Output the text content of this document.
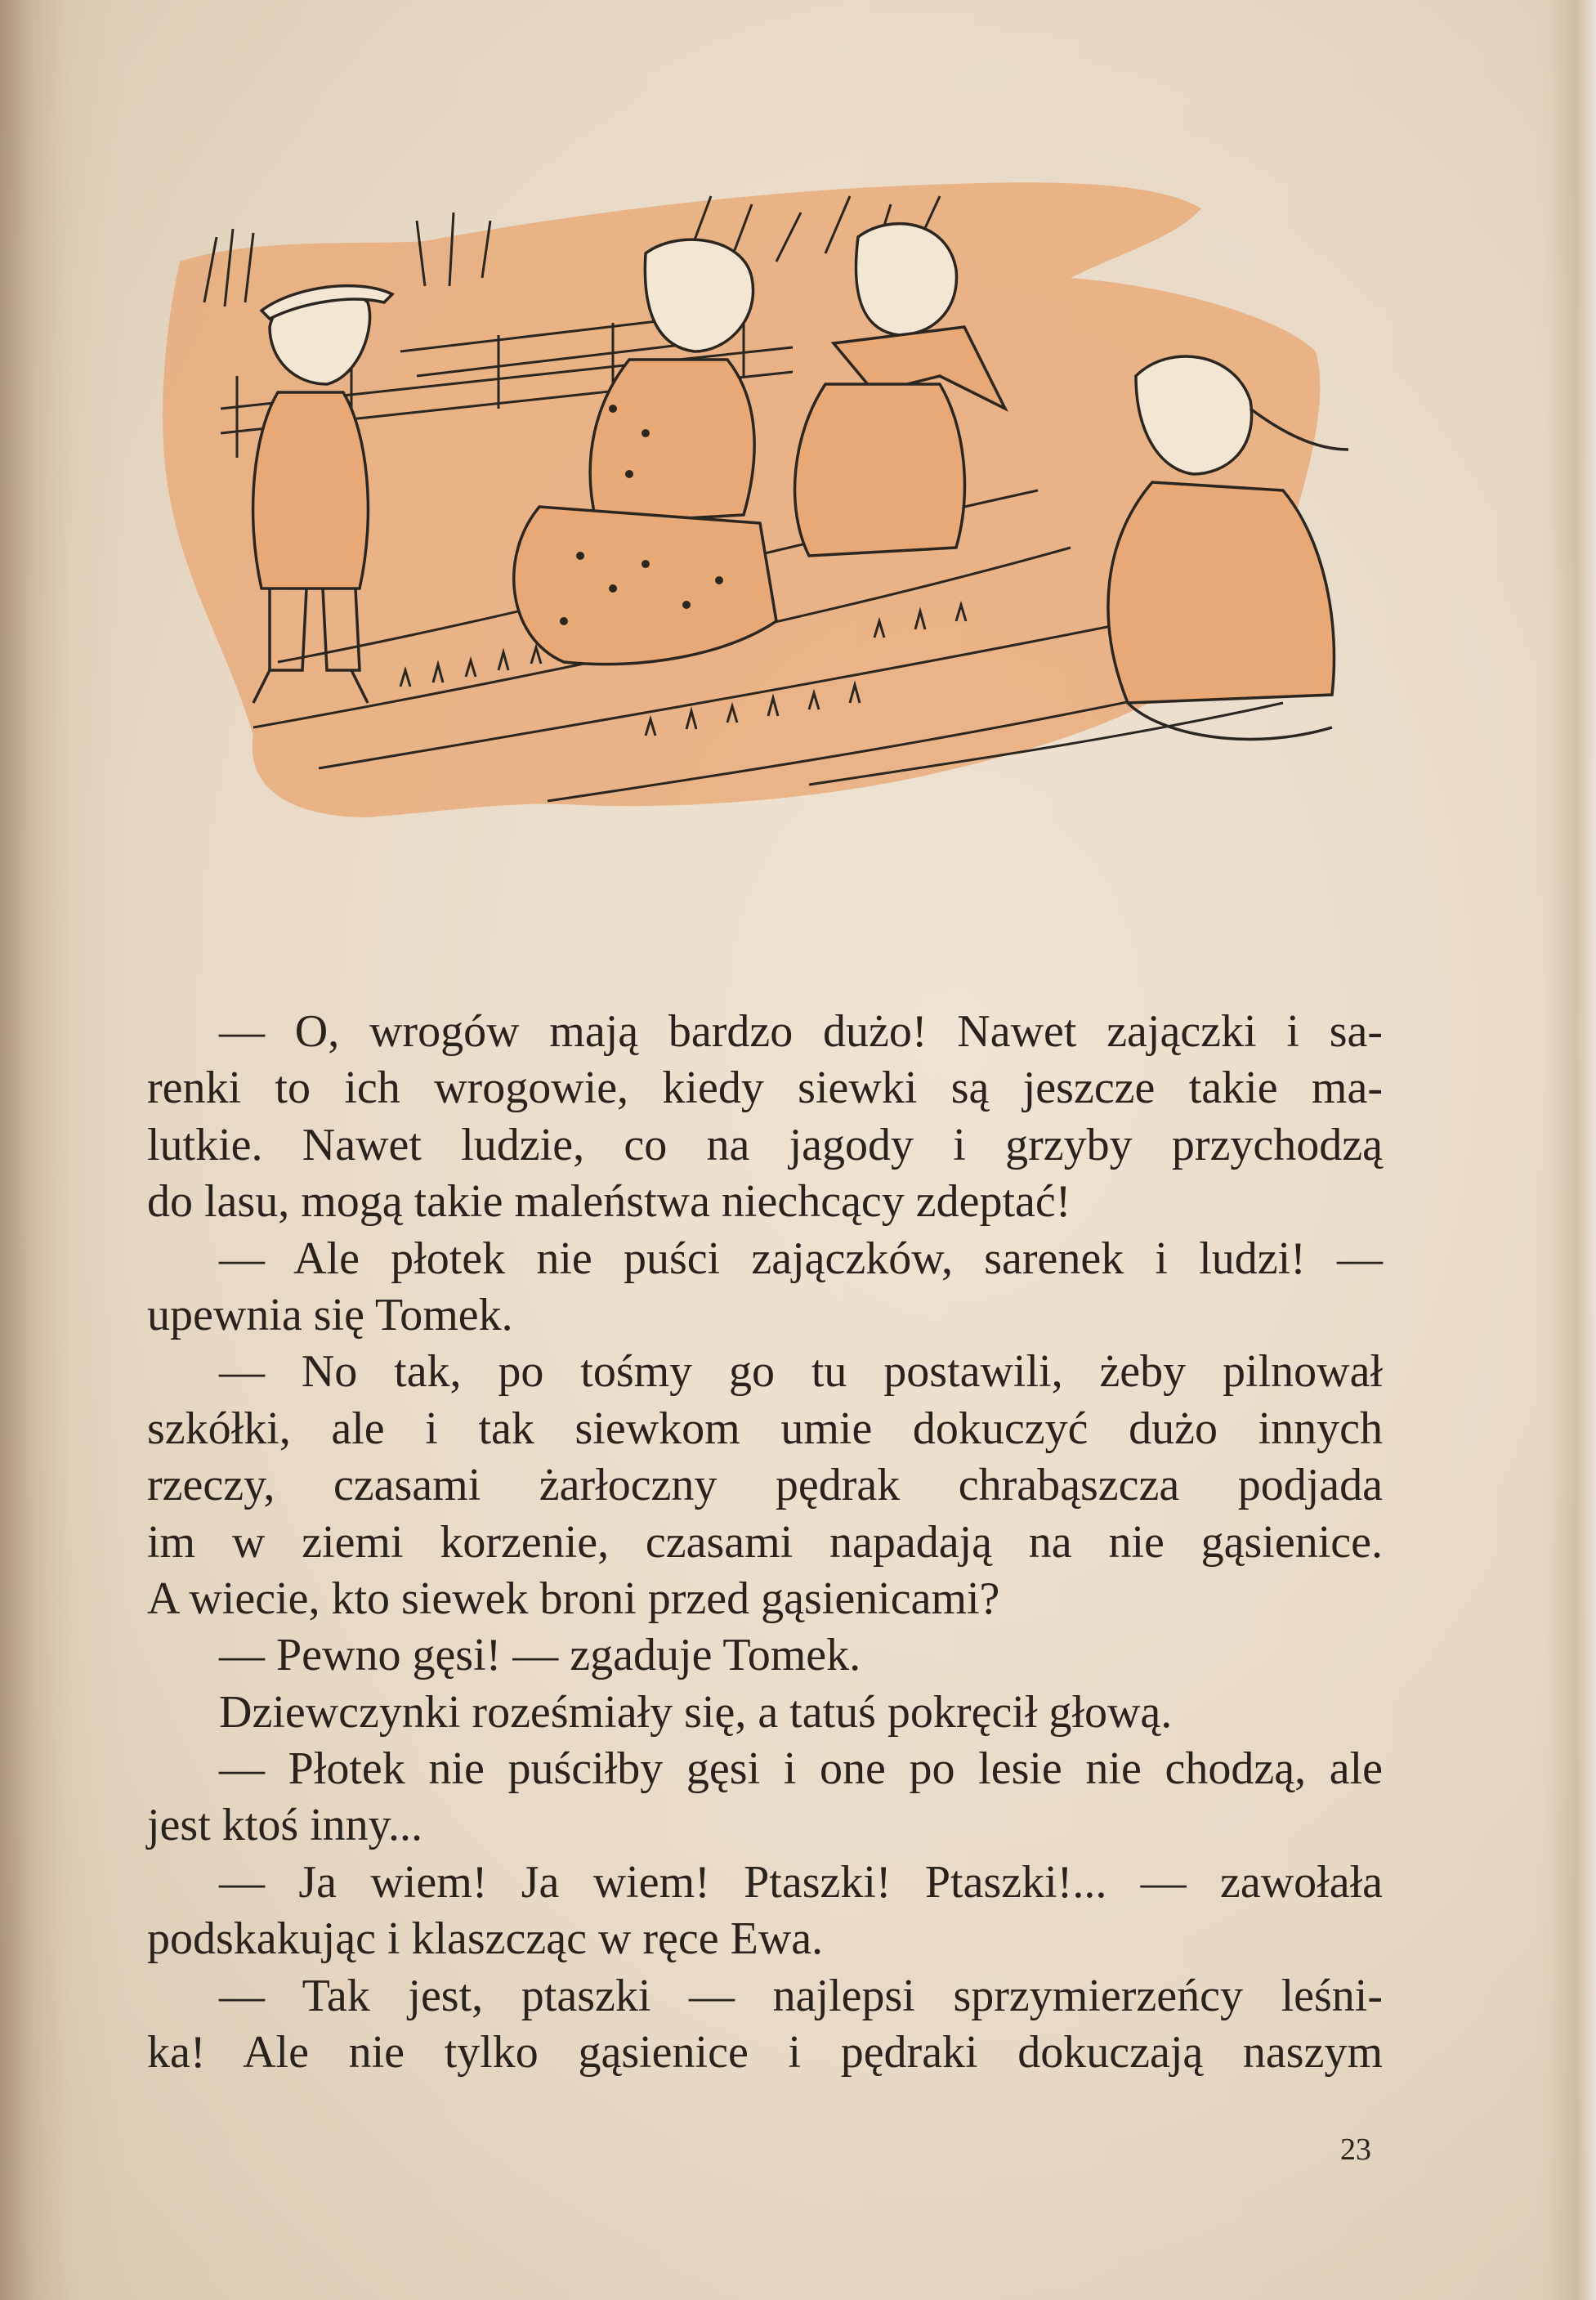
— O, wrogów mają bardzo dużo! Nawet zajączki i sa-
renki to ich wrogowie, kiedy siewki są jeszcze takie ma-
lutkie. Nawet ludzie, co na jagody i grzyby przychodzą
do lasu, mogą takie maleństwa niechcący zdeptać!
— Ale płotek nie puści zajączków, sarenek i ludzi! —
upewnia się Tomek.
— No tak, po tośmy go tu postawili, żeby pilnował
szkółki, ale i tak siewkom umie dokuczyć dużo innych
rzeczy, czasami żarłoczny pędrak chrabąszcza podjada
im w ziemi korzenie, czasami napadają na nie gąsienice.
A wiecie, kto siewek broni przed gąsienicami?
— Pewno gęsi! — zgaduje Tomek.
Dziewczynki roześmiały się, a tatuś pokręcił głową.
— Płotek nie puściłby gęsi i one po lesie nie chodzą, ale
jest ktoś inny...
— Ja wiem! Ja wiem! Ptaszki! Ptaszki!... — zawołała
podskakując i klaszcząc w ręce Ewa.
— Tak jest, ptaszki — najlepsi sprzymierzeńcy leśni-
ka! Ale nie tylko gąsienice i pędraki dokuczają naszym
23
